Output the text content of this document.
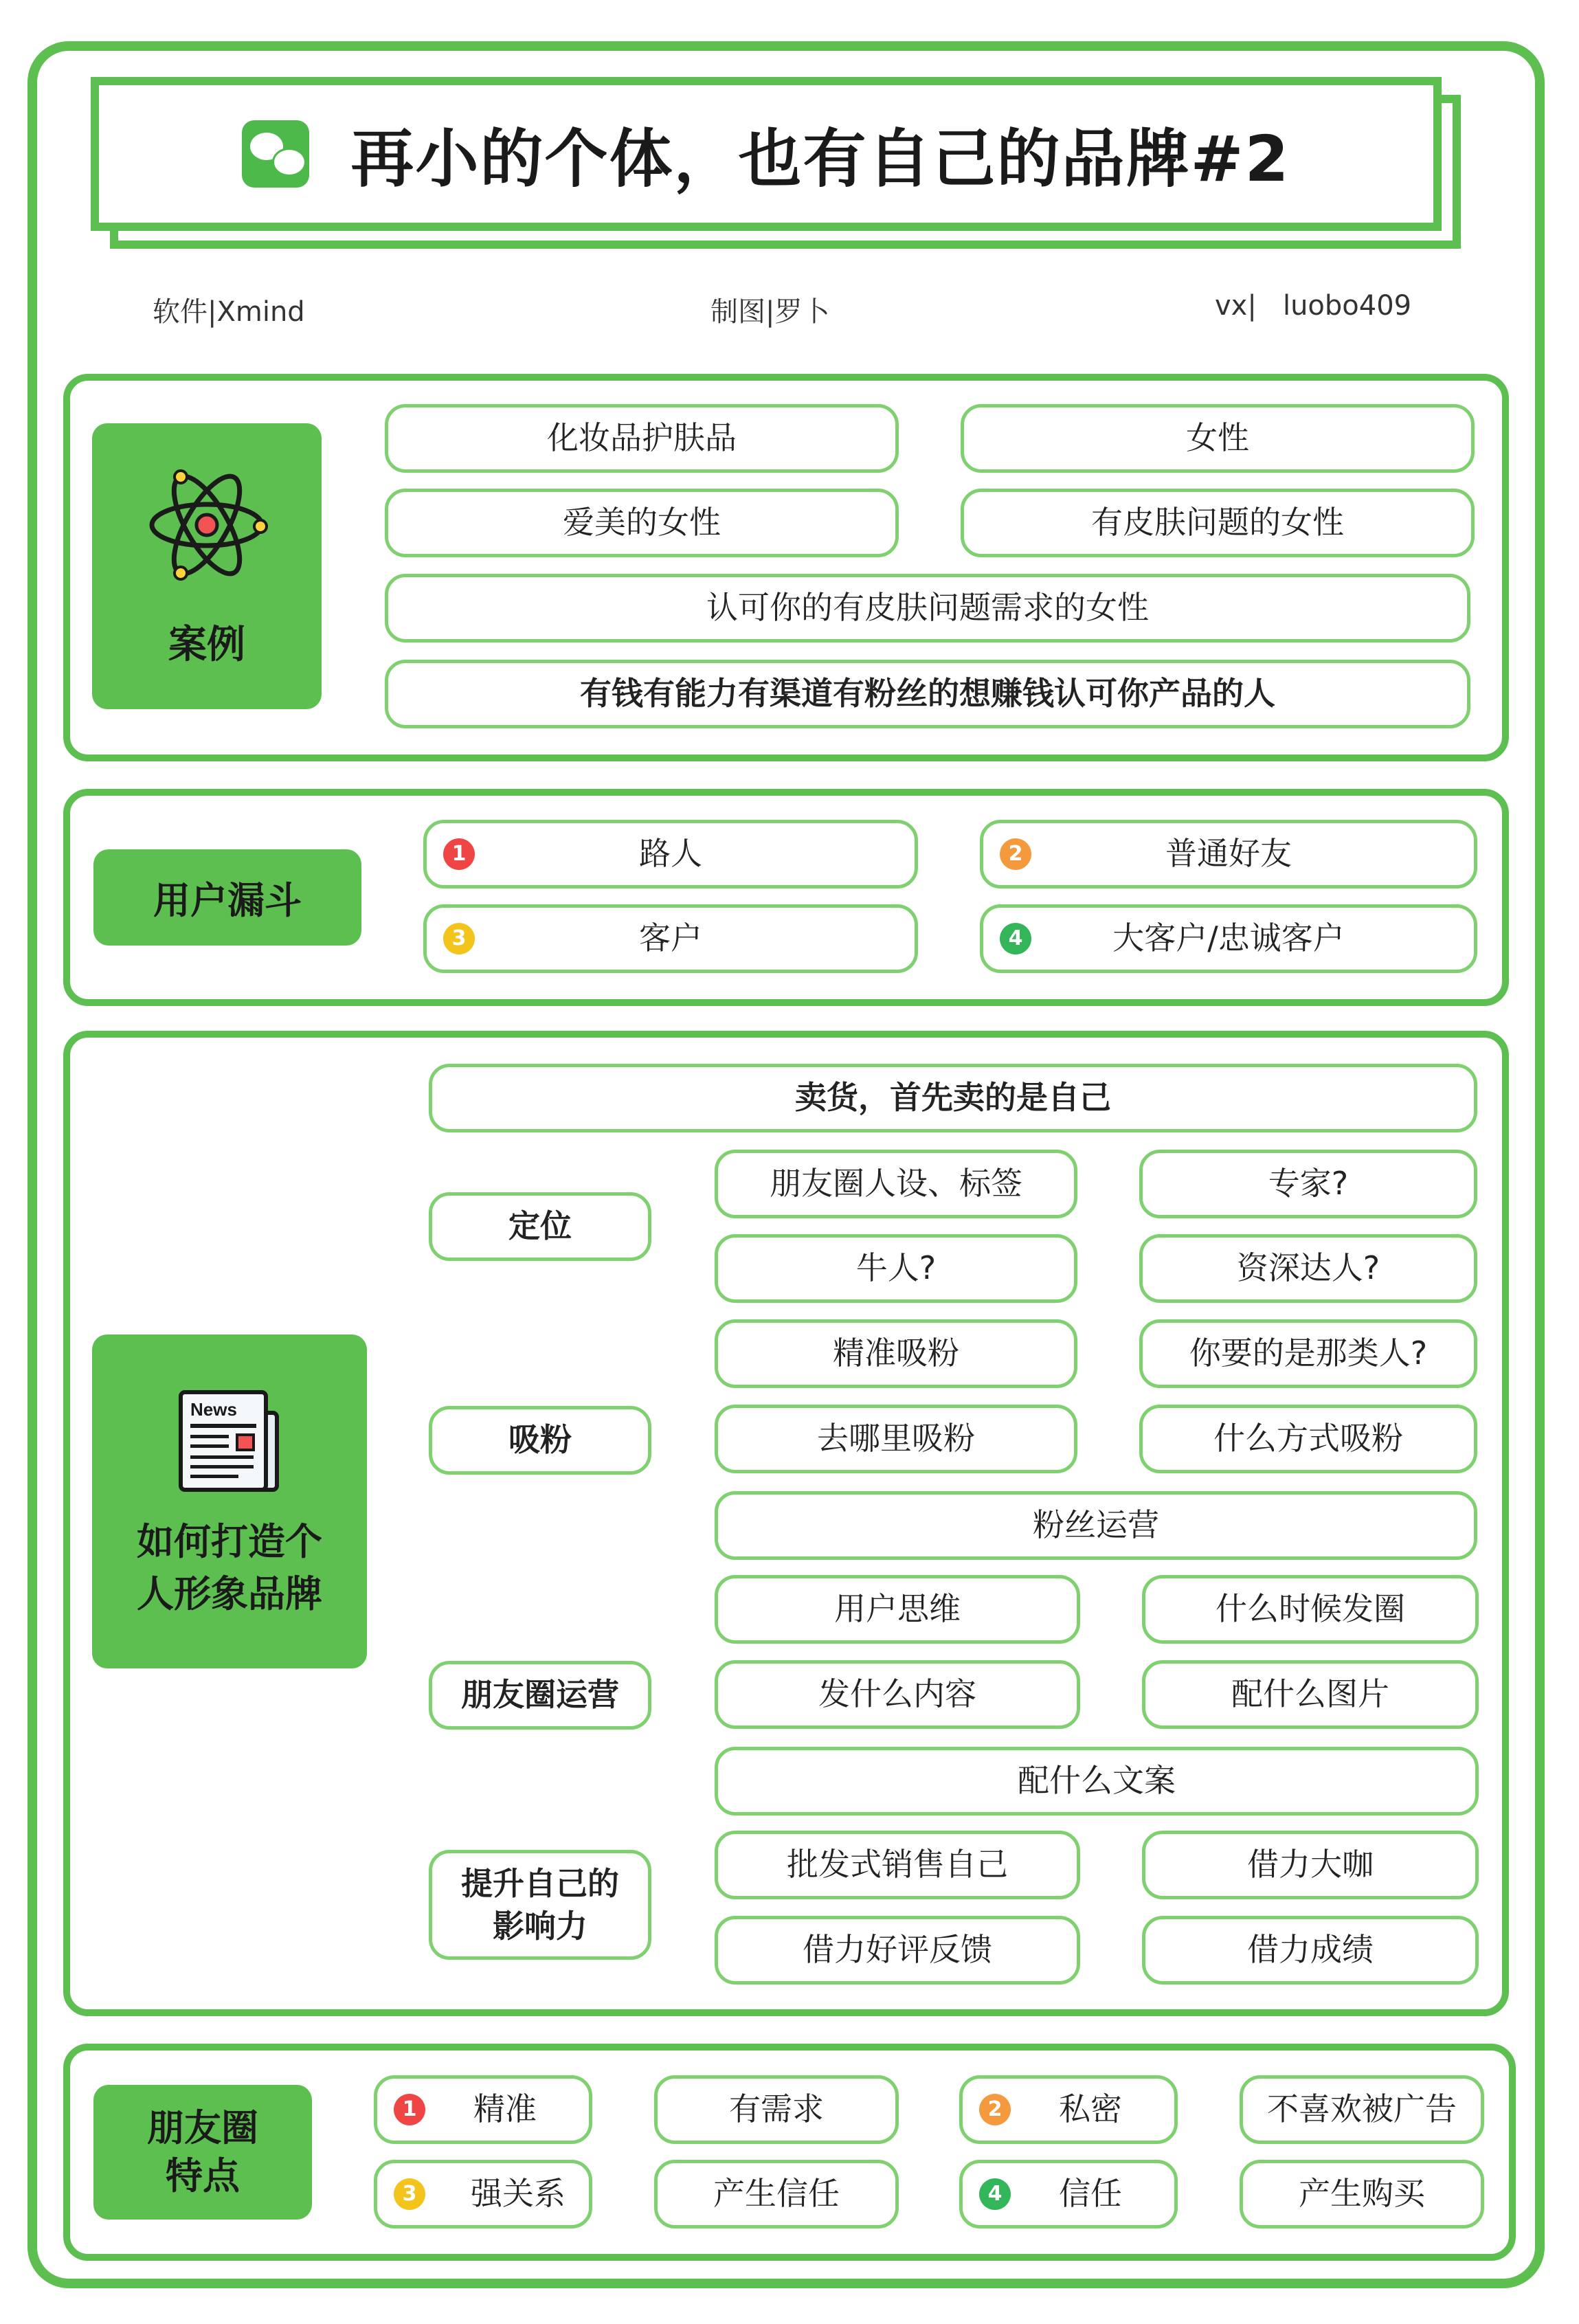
再小的个体，也有自己的品牌#2
软件|Xmind	制图|罗卜	vx|   luobo409
案例
化妆品护肤品	女性
爱美的女性	有皮肤问题的女性
认可你的有皮肤问题需求的女性
有钱有能力有渠道有粉丝的想赚钱认可你产品的人
用户漏斗
1	路人	2	普通好友
3	客户	4	大客户/忠诚客户
News
如何打造个
人形象品牌
卖货，首先卖的是自己
定位
朋友圈人设、标签	专家?
牛人?	资深达人?
吸粉
精准吸粉	你要的是那类人?
去哪里吸粉	什么方式吸粉
粉丝运营
朋友圈运营
用户思维	什么时候发圈
发什么内容	配什么图片
配什么文案
提升自己的
影响力
批发式销售自己	借力大咖
借力好评反馈	借力成绩
朋友圈
特点
1 精准	有需求	2 私密	不喜欢被广告
3 强关系	产生信任	4 信任	产生购买
